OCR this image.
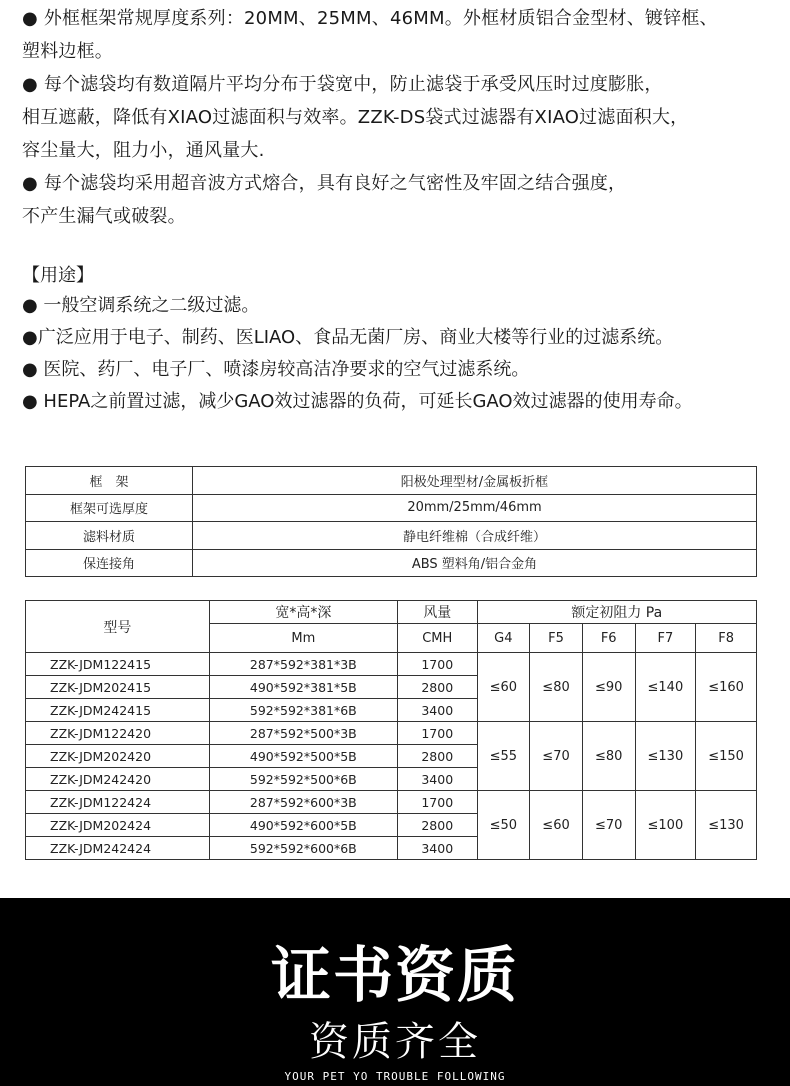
● 外框框架常规厚度系列：20MM、25MM、46MM。外框材质铝合金型材、镀锌框、
塑料边框。
● 每个滤袋均有数道隔片平均分布于袋宽中，防止滤袋于承受风压时过度膨胀，
相互遮蔽，降低有XIAO过滤面积与效率。ZZK-DS袋式过滤器有XIAO过滤面积大，
容尘量大，阻力小，通风量大.
● 每个滤袋均采用超音波方式熔合，具有良好之气密性及牢固之结合强度，
不产生漏气或破裂。
【用途】
● 一般空调系统之二级过滤。
●广泛应用于电子、制药、医LIAO、食品无菌厂房、商业大楼等行业的过滤系统。
● 医院、药厂、电子厂、喷漆房较高洁净要求的空气过滤系统。
● HEPA之前置过滤，减少GAO效过滤器的负荷，可延长GAO效过滤器的使用寿命。
框　架	阳极处理型材/金属板折框
框架可选厚度	20mm/25mm/46mm
滤料材质	静电纤维棉（合成纤维）
保连接角	ABS 塑料角/铝合金角
型号	宽*高*深	风量	额定初阻力 Pa				
	Mm	CMH	G4	F5	F6	F7	F8
ZZK-JDM122415	287*592*381*3B	1700	≤60	≤80	≤90	≤140	≤160
ZZK-JDM202415	490*592*381*5B	2800					
ZZK-JDM242415	592*592*381*6B	3400					
ZZK-JDM122420	287*592*500*3B	1700	≤55	≤70	≤80	≤130	≤150
ZZK-JDM202420	490*592*500*5B	2800					
ZZK-JDM242420	592*592*500*6B	3400					
ZZK-JDM122424	287*592*600*3B	1700	≤50	≤60	≤70	≤100	≤130
ZZK-JDM202424	490*592*600*5B	2800					
ZZK-JDM242424	592*592*600*6B	3400					
证书资质
资质齐全
YOUR PET YO TROUBLE FOLLOWING
